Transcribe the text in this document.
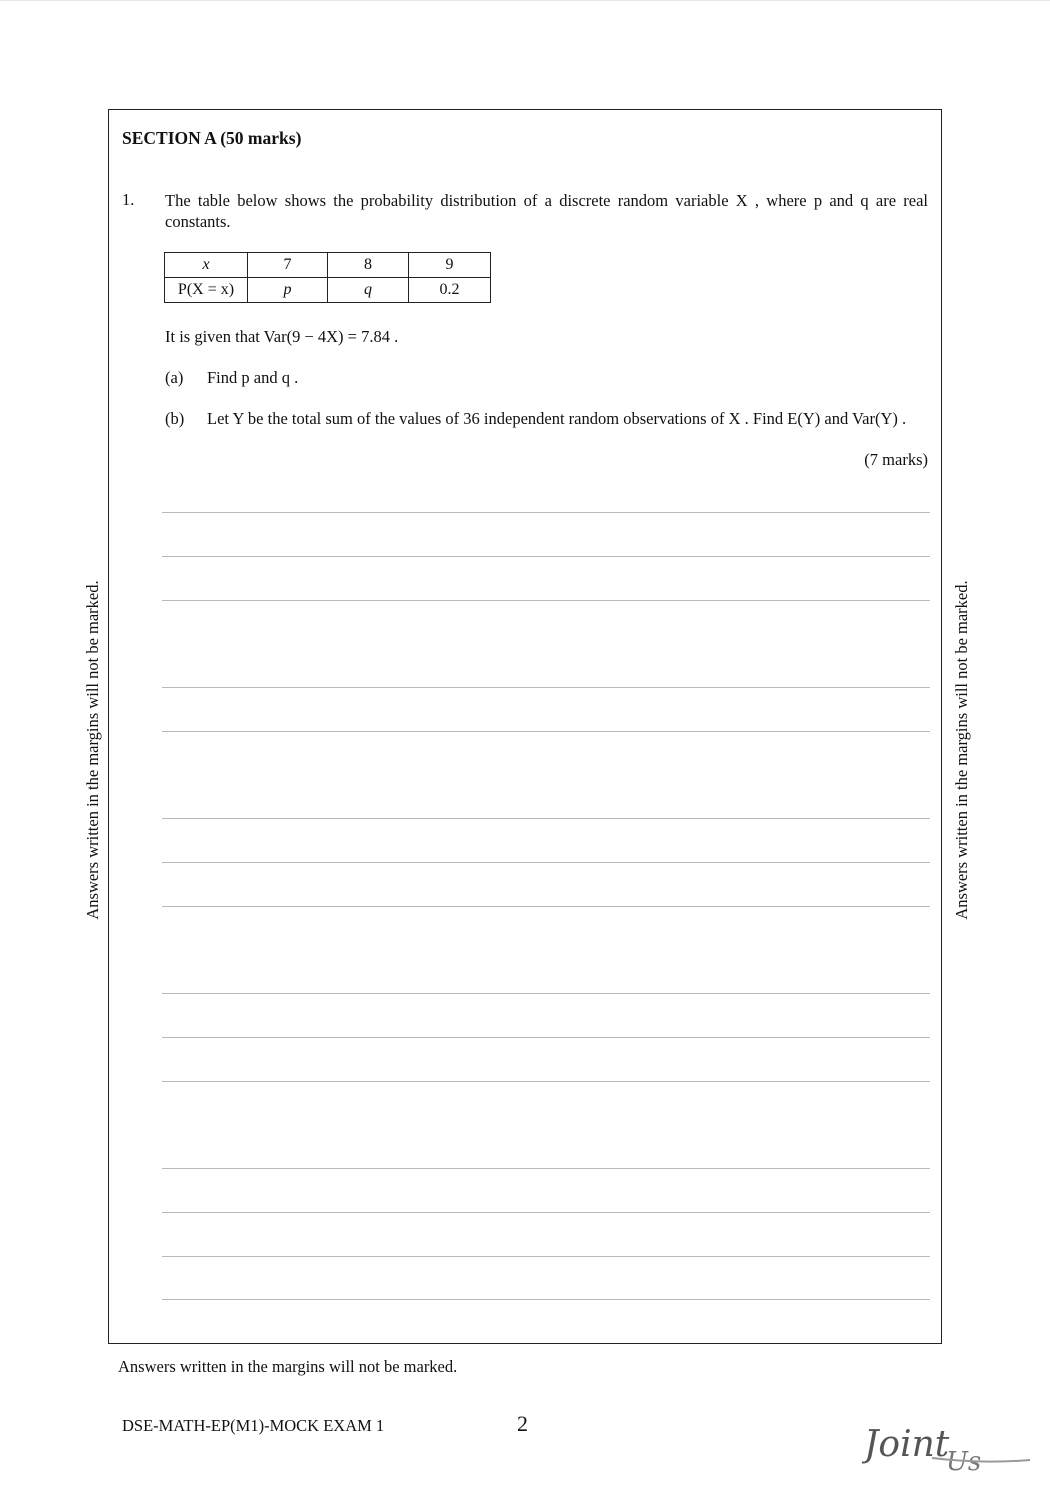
SECTION A (50 marks)
1. The table below shows the probability distribution of a discrete random variable X , where p and q are real constants.
x	7	8	9
P(X = x)	p	q	0.2
It is given that Var(9 − 4X) = 7.84 .
(a) Find p and q .
(b) Let Y be the total sum of the values of 36 independent random observations of X . Find E(Y) and Var(Y) .
(7 marks)
Answers written in the margins will not be marked.	Answers written in the margins will not be marked.
Answers written in the margins will not be marked.
DSE-MATH-EP(M1)-MOCK EXAM 1	2
Joint
Us
